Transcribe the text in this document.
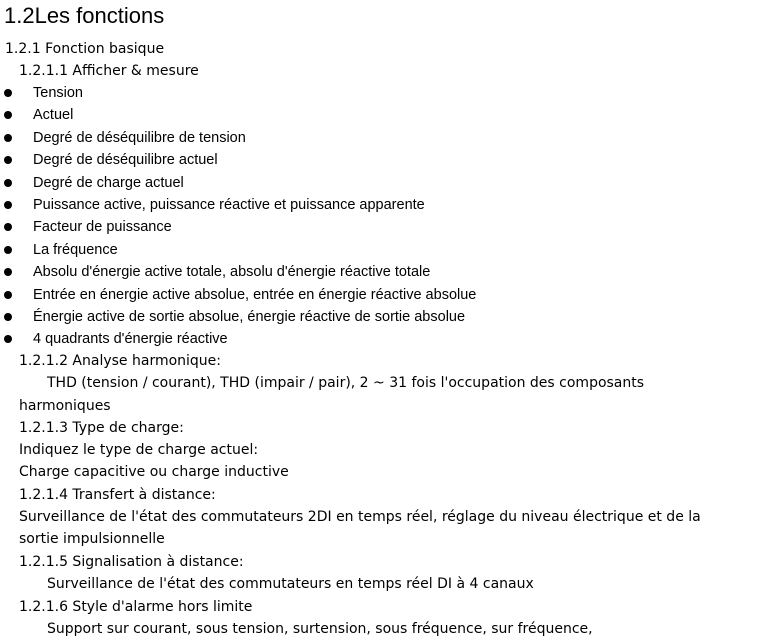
1.2Les fonctions
1.2.1 Fonction basique
1.2.1.1 Afficher & mesure
Tension
Actuel
Degré de déséquilibre de tension
Degré de déséquilibre actuel
Degré de charge actuel
Puissance active, puissance réactive et puissance apparente
Facteur de puissance
La fréquence
Absolu d'énergie active totale, absolu d'énergie réactive totale
Entrée en énergie active absolue, entrée en énergie réactive absolue
Énergie active de sortie absolue, énergie réactive de sortie absolue
4 quadrants d'énergie réactive
1.2.1.2 Analyse harmonique:
THD (tension / courant), THD (impair / pair), 2 ~ 31 fois l'occupation des composants
harmoniques
1.2.1.3 Type de charge:
Indiquez le type de charge actuel:
Charge capacitive ou charge inductive
1.2.1.4 Transfert à distance:
Surveillance de l'état des commutateurs 2DI en temps réel, réglage du niveau électrique et de la
sortie impulsionnelle
1.2.1.5 Signalisation à distance:
Surveillance de l'état des commutateurs en temps réel DI à 4 canaux
1.2.1.6 Style d'alarme hors limite
Support sur courant, sous tension, surtension, sous fréquence, sur fréquence,
